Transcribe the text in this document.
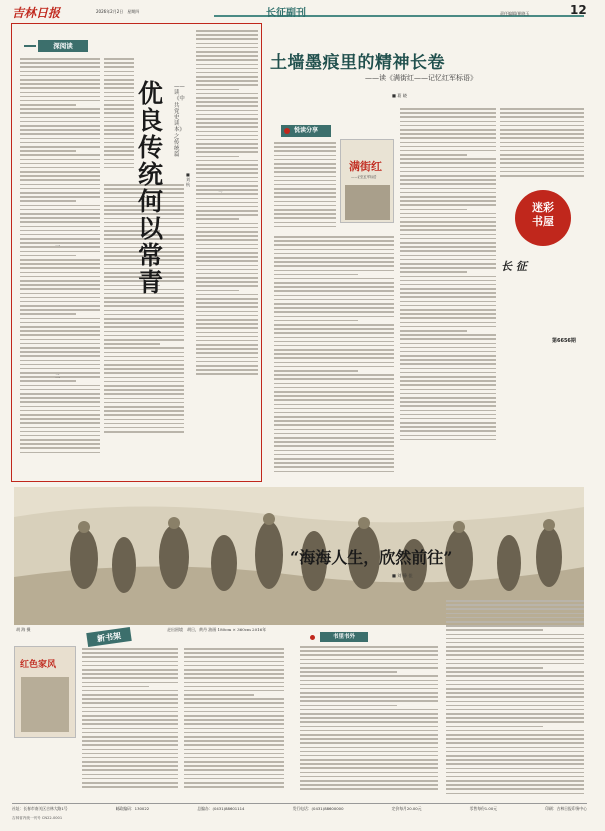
吉林日报	2026年2月2日　星期四	长征副刊	责任编辑/崔晓玉	12
深阅读
一
二
优良传统何以常青
——读《中共党史读本》之传统篇
■ 刘 杭
土墙墨痕里的精神长卷
——读《满街红——记忆红军标语》
■ 葛 晓
悦读分享
满街红
——记忆红军标语
迷彩
书屋
长 征
第6656期
胡 海 摄	走出困境　胡日，黄丹 油画 180cm × 360cm 2016年
“海海人生，欣然前往”
■ 刘 静 佳
书里书外
新书架
红色家风
社址：长春市南关区吉林大路1号	邮政编码：130022	总编办：(0431)88601114	发行电话：(0431)88600000	定价每月20.00元	零售每份1.00元	印刷：吉林日报印务中心
吉林省内统一刊号 CN22-0001
